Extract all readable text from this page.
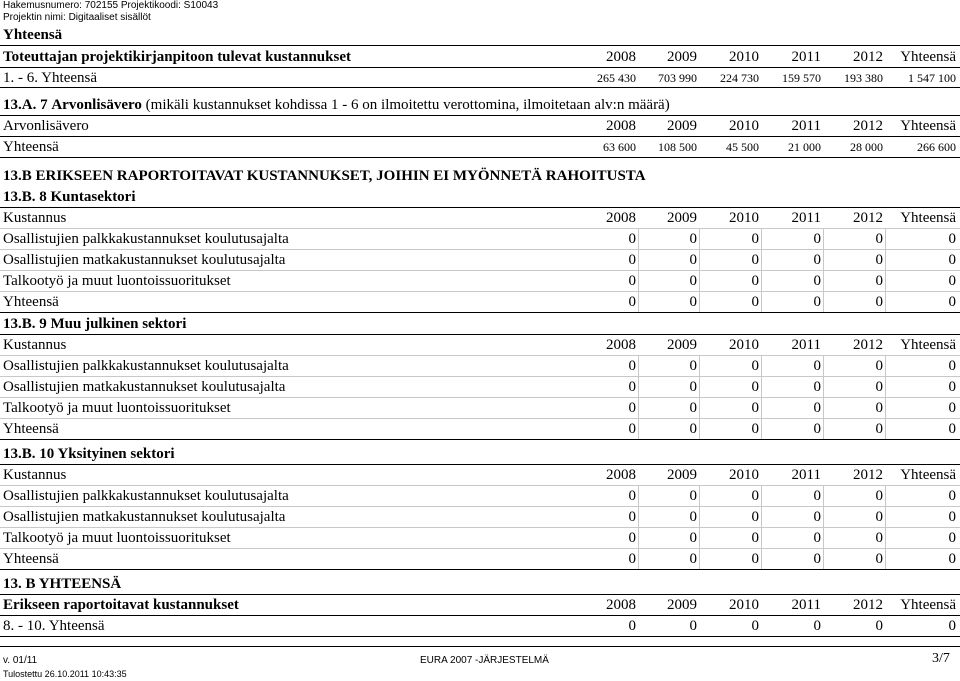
Hakemusnumero: 702155 Projektikoodi: S10043
Projektin nimi: Digitaaliset sisällöt
Yhteensä
Toteuttajan projektikirjanpitoon tulevat kustannukset	2008	2009	2010	2011	2012	Yhteensä
1. - 6. Yhteensä	265 430	703 990	224 730	159 570	193 380	1 547 100
13.A. 7 Arvonlisävero (mikäli kustannukset kohdissa 1 - 6 on ilmoitettu verottomina, ilmoitetaan alv:n määrä)
Arvonlisävero	2008	2009	2010	2011	2012	Yhteensä
Yhteensä	63 600	108 500	45 500	21 000	28 000	266 600
13.B ERIKSEEN RAPORTOITAVAT KUSTANNUKSET, JOIHIN EI MYÖNNETÄ RAHOITUSTA
13.B. 8 Kuntasektori
Kustannus	2008	2009	2010	2011	2012	Yhteensä
Osallistujien palkkakustannukset koulutusajalta	0	0	0	0	0	0
Osallistujien matkakustannukset koulutusajalta	0	0	0	0	0	0
Talkootyö ja muut luontoissuoritukset	0	0	0	0	0	0
Yhteensä	0	0	0	0	0	0
13.B. 9 Muu julkinen sektori
Kustannus	2008	2009	2010	2011	2012	Yhteensä
Osallistujien palkkakustannukset koulutusajalta	0	0	0	0	0	0
Osallistujien matkakustannukset koulutusajalta	0	0	0	0	0	0
Talkootyö ja muut luontoissuoritukset	0	0	0	0	0	0
Yhteensä	0	0	0	0	0	0
13.B. 10 Yksityinen sektori
Kustannus	2008	2009	2010	2011	2012	Yhteensä
Osallistujien palkkakustannukset koulutusajalta	0	0	0	0	0	0
Osallistujien matkakustannukset koulutusajalta	0	0	0	0	0	0
Talkootyö ja muut luontoissuoritukset	0	0	0	0	0	0
Yhteensä	0	0	0	0	0	0
13. B YHTEENSÄ
Erikseen raportoitavat kustannukset	2008	2009	2010	2011	2012	Yhteensä
8. - 10. Yhteensä	0	0	0	0	0	0
v. 01/11	EURA 2007 -JÄRJESTELMÄ	3/7
Tulostettu 26.10.2011 10:43:35
